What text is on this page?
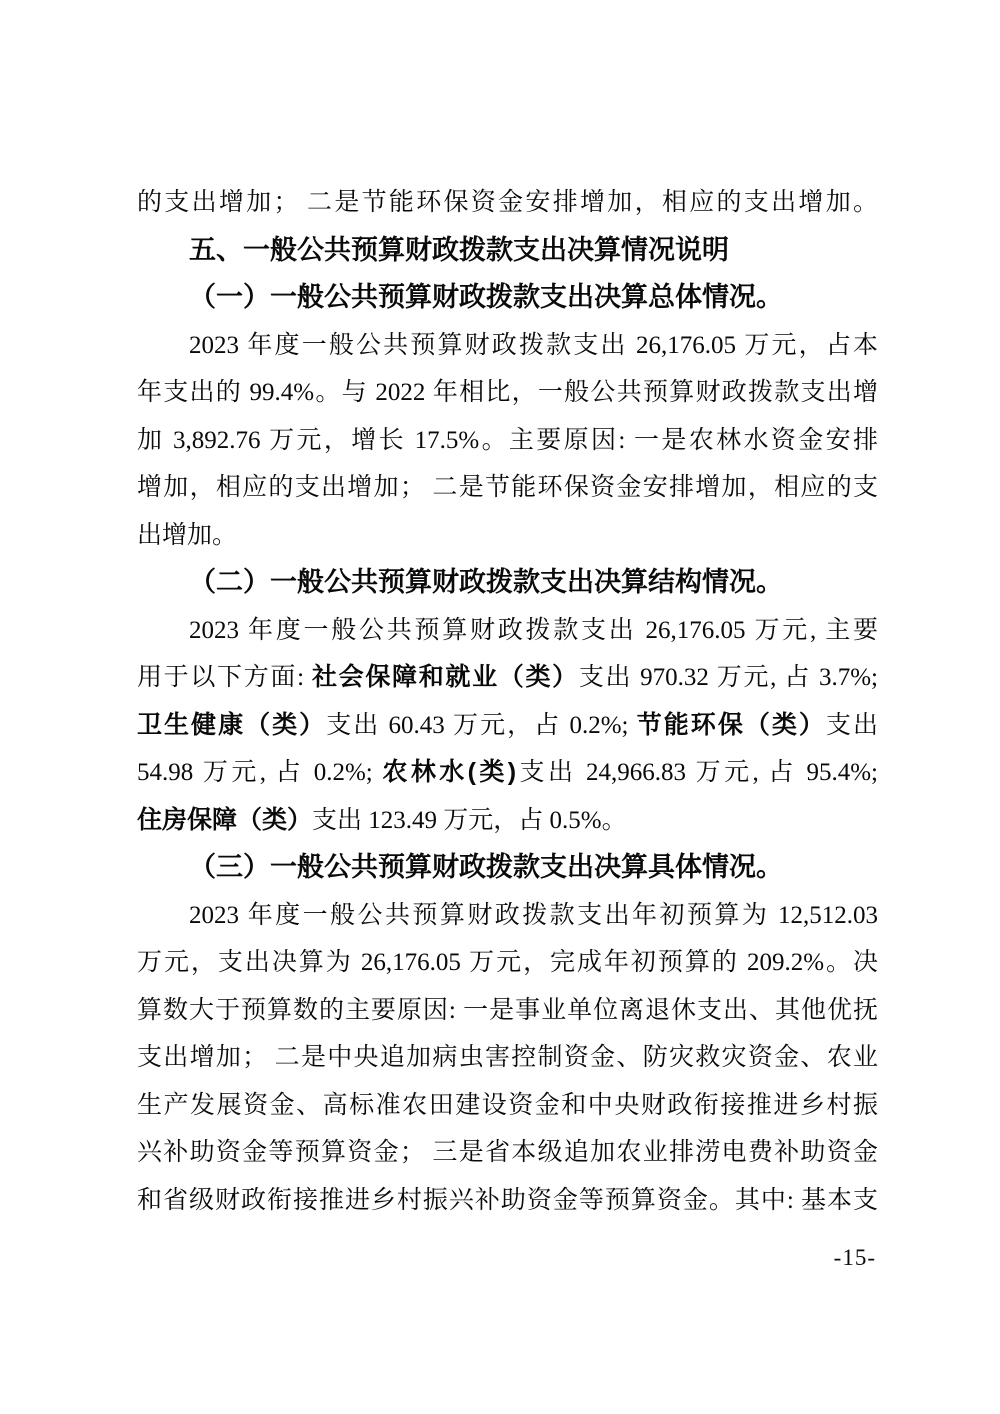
的支出增加； 二是节能环保资金安排增加，相应的支出增加。
五、一般公共预算财政拨款支出决算情况说明
（一）一般公共预算财政拨款支出决算总体情况。
2023 年度一般公共预算财政拨款支出 26,176.05 万元，占本
年支出的 99.4%。与 2022 年相比，一般公共预算财政拨款支出增
加 3,892.76 万元，增长 17.5%。主要原因: 一是农林水资金安排
增加，相应的支出增加； 二是节能环保资金安排增加，相应的支
出增加。
（二）一般公共预算财政拨款支出决算结构情况。
2023 年度一般公共预算财政拨款支出 26,176.05 万元, 主要
用于以下方面: 社会保障和就业（类）支出 970.32 万元, 占 3.7%;
卫生健康（类）支出 60.43 万元，占 0.2%; 节能环保（类）支出
54.98 万元, 占 0.2%; 农林水(类)支出 24,966.83 万元, 占 95.4%;
住房保障（类）支出 123.49 万元，占 0.5%。
（三）一般公共预算财政拨款支出决算具体情况。
2023 年度一般公共预算财政拨款支出年初预算为 12,512.03
万元，支出决算为 26,176.05 万元，完成年初预算的 209.2%。决
算数大于预算数的主要原因: 一是事业单位离退休支出、其他优抚
支出增加； 二是中央追加病虫害控制资金、防灾救灾资金、农业
生产发展资金、高标准农田建设资金和中央财政衔接推进乡村振
兴补助资金等预算资金； 三是省本级追加农业排涝电费补助资金
和省级财政衔接推进乡村振兴补助资金等预算资金。其中: 基本支
-15-
